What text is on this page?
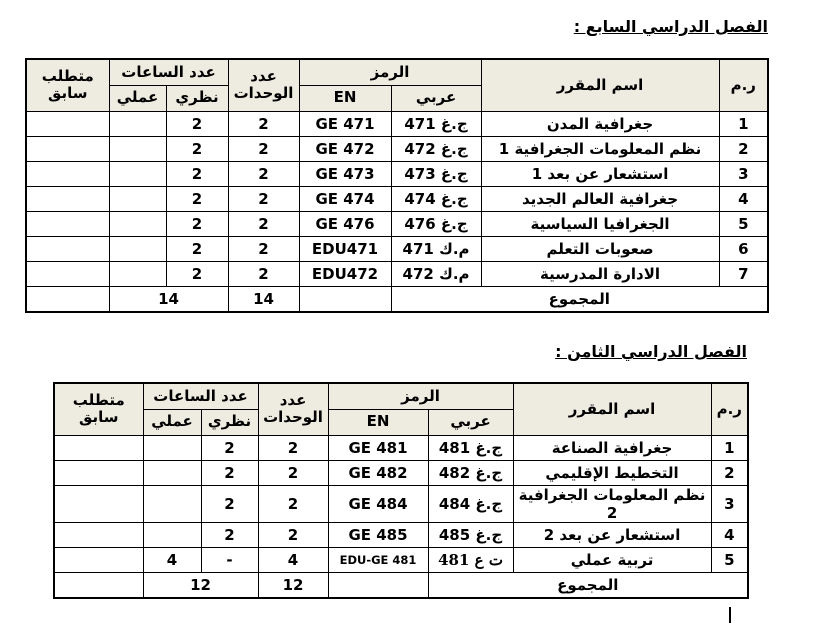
الفصل الدراسي السابع :
ر.م	اسم المقرر	الرمز		عدد الوحدات	عدد الساعات		متطلب سابق
		عربي	EN		نظري	عملي	
1	جغرافية المدن	ج.غ 471	GE 471	2	2		
2	نظم المعلومات الجغرافية 1	ج.غ 472	GE 472	2	2		
3	استشعار عن بعد 1	ج.غ 473	GE 473	2	2		
4	جغرافية العالم الجديد	ج.غ 474	GE 474	2	2		
5	الجغرافيا السياسية	ج.غ 476	GE 476	2	2		
6	صعوبات التعلم	م.ك 471	EDU471	2	2		
7	الادارة المدرسية	م.ك 472	EDU472	2	2		
المجموع				14	14		
الفصل الدراسي الثامن :
ر.م	اسم المقرر	الرمز		عدد الوحدات	عدد الساعات		متطلب سابق
		عربي	EN		نظري	عملي	
1	جغرافية الصناعة	ج.غ 481	GE 481	2	2		
2	التخطيط الإقليمي	ج.غ 482	GE 482	2	2		
3	نظم المعلومات الجغرافية 2	ج.غ 484	GE 484	2	2		
4	استشعار عن بعد 2	ج.غ 485	GE 485	2	2		
5	تربية عملي	ت ع 481	EDU-GE 481	4	-	4	
المجموع				12	12		
